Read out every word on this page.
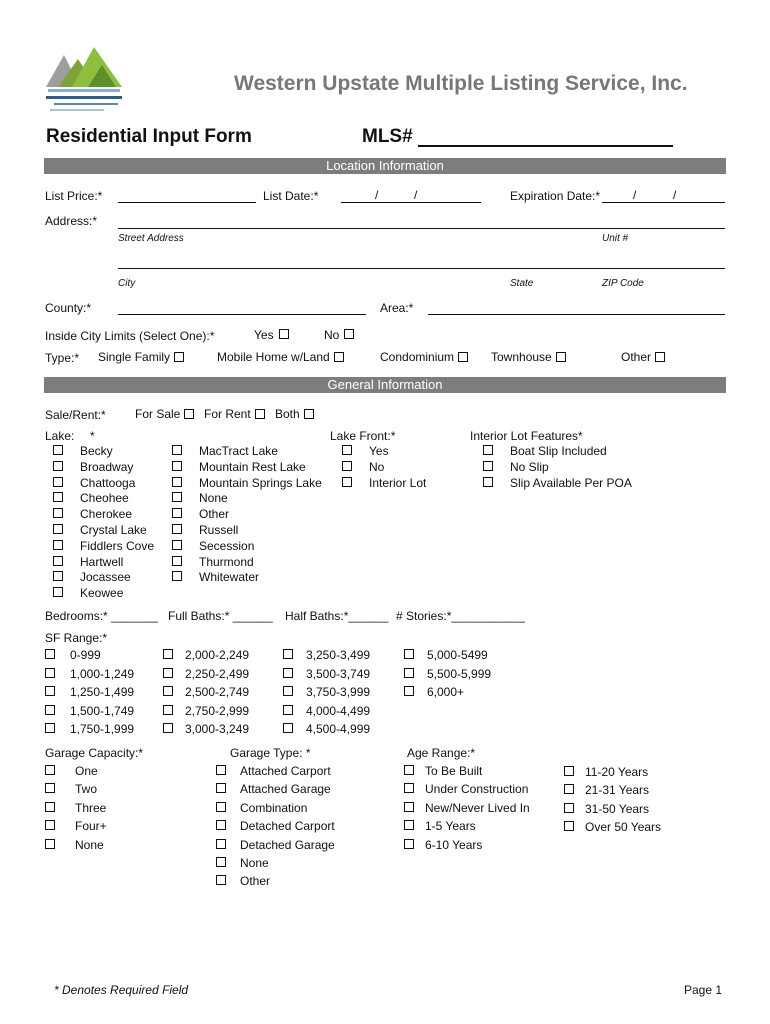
Western Upstate Multiple Listing Service, Inc.
Residential Input Form	MLS#
Location Information
List Price:*	List Date:*	/	/	Expiration Date:*	/	/
Address:*
Street Address	Unit #
City	State	ZIP Code
County:*	Area:*
Inside City Limits (Select One):*	Yes	No
Type:* Single Family	Mobile Home w/Land	Condominium	Townhouse	Other
General Information
Sale/Rent:* For Sale	For Rent	Both
Lake: *
Becky
Broadway
Chattooga
Cheohee
Cherokee
Crystal Lake
Fiddlers Cove
Hartwell
Jocassee
Keowee
MacTract Lake
Mountain Rest Lake
Mountain Springs Lake
None
Other
Russell
Secession
Thurmond
Whitewater
Lake Front:*
Yes
No
Interior Lot
Interior Lot Features*
Boat Slip Included
No Slip
Slip Available Per POA
Bedrooms:* _______ Full Baths:* ______ Half Baths:*______ # Stories:*___________
SF Range:*
0-999
1,000-1,249
1,250-1,499
1,500-1,749
1,750-1,999
2,000-2,249
2,250-2,499
2,500-2,749
2,750-2,999
3,000-3,249
3,250-3,499
3,500-3,749
3,750-3,999
4,000-4,499
4,500-4,999
5,000-5499
5,500-5,999
6,000+
Garage Capacity:*	Garage Type: *	Age Range:*
One
Two
Three
Four+
None
Attached Carport
Attached Garage
Combination
Detached Carport
Detached Garage
None
Other
To Be Built
Under Construction
New/Never Lived In
1-5 Years
6-10 Years
11-20 Years
21-31 Years
31-50 Years
Over 50 Years
* Denotes Required Field	Page 1
